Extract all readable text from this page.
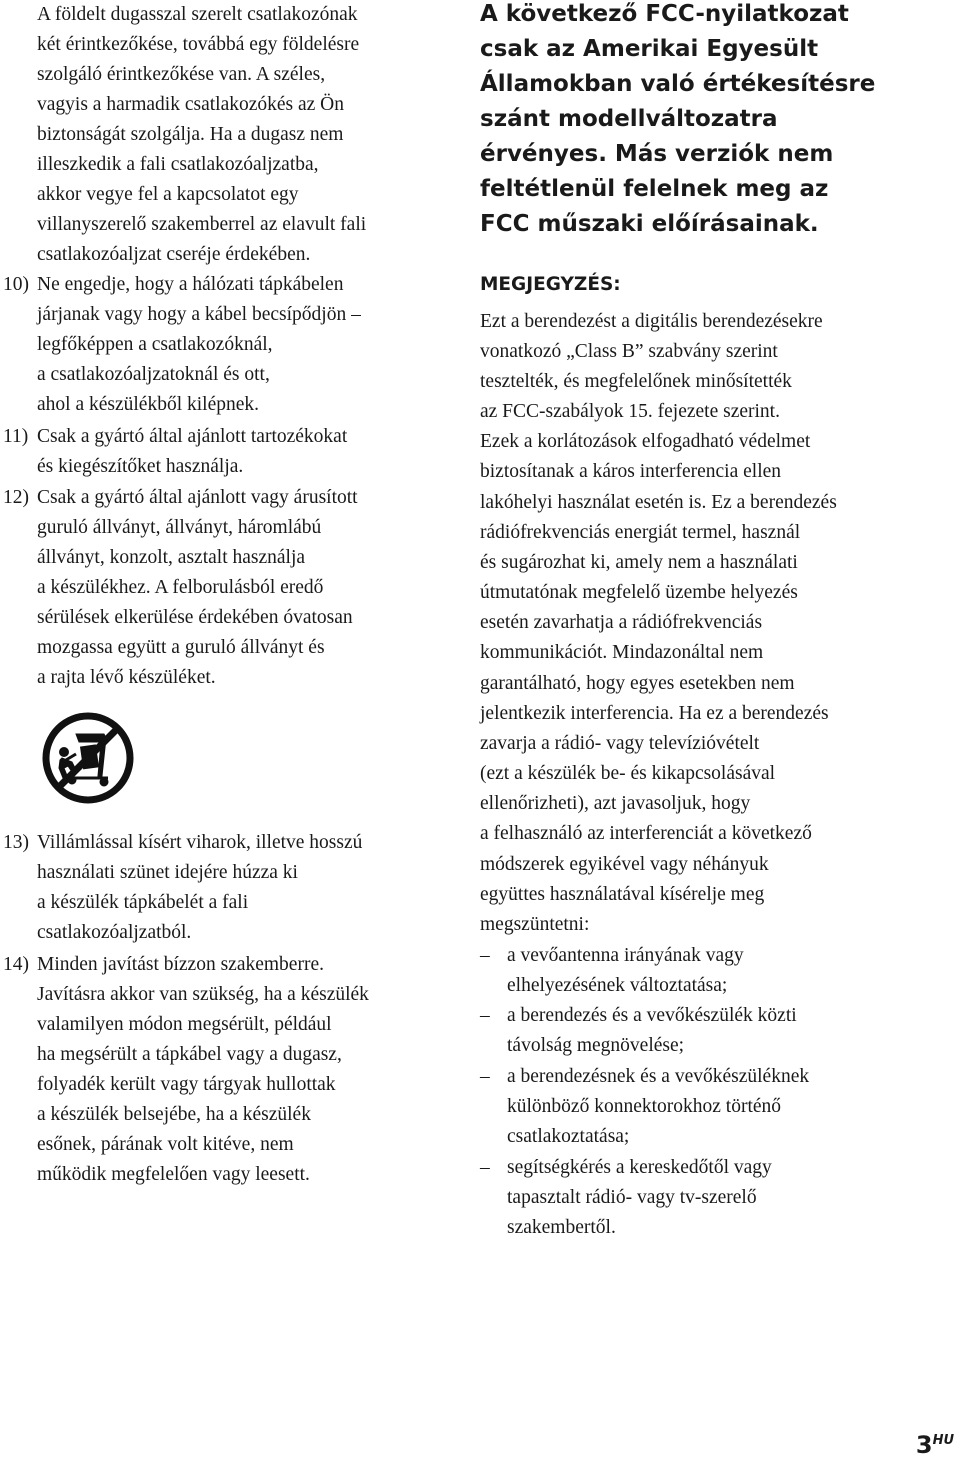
A földelt dugasszal szerelt csatlakozónak
két érintkezőkése, továbbá egy földelésre
szolgáló érintkezőkése van. A széles,
vagyis a harmadik csatlakozókés az Ön
biztonságát szolgálja. Ha a dugasz nem
illeszkedik a fali csatlakozóaljzatba,
akkor vegye fel a kapcsolatot egy
villanyszerelő szakemberrel az elavult fali
csatlakozóaljzat cseréje érdekében.
10) Ne engedje, hogy a hálózati tápkábelen
járjanak vagy hogy a kábel becsípődjön –
legfőképpen a csatlakozóknál,
a csatlakozóaljzatoknál és ott,
ahol a készülékből kilépnek.
11) Csak a gyártó által ajánlott tartozékokat
és kiegészítőket használja.
12) Csak a gyártó által ajánlott vagy árusított
guruló állványt, állványt, háromlábú
állványt, konzolt, asztalt használja
a készülékhez. A felborulásból eredő
sérülések elkerülése érdekében óvatosan
mozgassa együtt a guruló állványt és
a rajta lévő készüléket.
13) Villámlással kísért viharok, illetve hosszú
használati szünet idejére húzza ki
a készülék tápkábelét a fali
csatlakozóaljzatból.
14) Minden javítást bízzon szakemberre.
Javításra akkor van szükség, ha a készülék
valamilyen módon megsérült, például
ha megsérült a tápkábel vagy a dugasz,
folyadék került vagy tárgyak hullottak
a készülék belsejébe, ha a készülék
esőnek, párának volt kitéve, nem
működik megfelelően vagy leesett.
A következő FCC-nyilatkozat
csak az Amerikai Egyesült
Államokban való értékesítésre
szánt modellváltozatra
érvényes. Más verziók nem
feltétlenül felelnek meg az
FCC műszaki előírásainak.
MEGJEGYZÉS:
Ezt a berendezést a digitális berendezésekre
vonatkozó „Class B” szabvány szerint
tesztelték, és megfelelőnek minősítették
az FCC-szabályok 15. fejezete szerint.
Ezek a korlátozások elfogadható védelmet
biztosítanak a káros interferencia ellen
lakóhelyi használat esetén is. Ez a berendezés
rádiófrekvenciás energiát termel, használ
és sugározhat ki, amely nem a használati
útmutatónak megfelelő üzembe helyezés
esetén zavarhatja a rádiófrekvenciás
kommunikációt. Mindazonáltal nem
garantálható, hogy egyes esetekben nem
jelentkezik interferencia. Ha ez a berendezés
zavarja a rádió- vagy televízióvételt
(ezt a készülék be- és kikapcsolásával
ellenőrizheti), azt javasoljuk, hogy
a felhasználó az interferenciát a következő
módszerek egyikével vagy néhányuk
együttes használatával kísérelje meg
megszüntetni:
– a vevőantenna irányának vagy
elhelyezésének változtatása;
– a berendezés és a vevőkészülék közti
távolság megnövelése;
– a berendezésnek és a vevőkészüléknek
különböző konnektorokhoz történő
csatlakoztatása;
– segítségkérés a kereskedőtől vagy
tapasztalt rádió- vagy tv-szerelő
szakembertől.
$3^{HU}$
